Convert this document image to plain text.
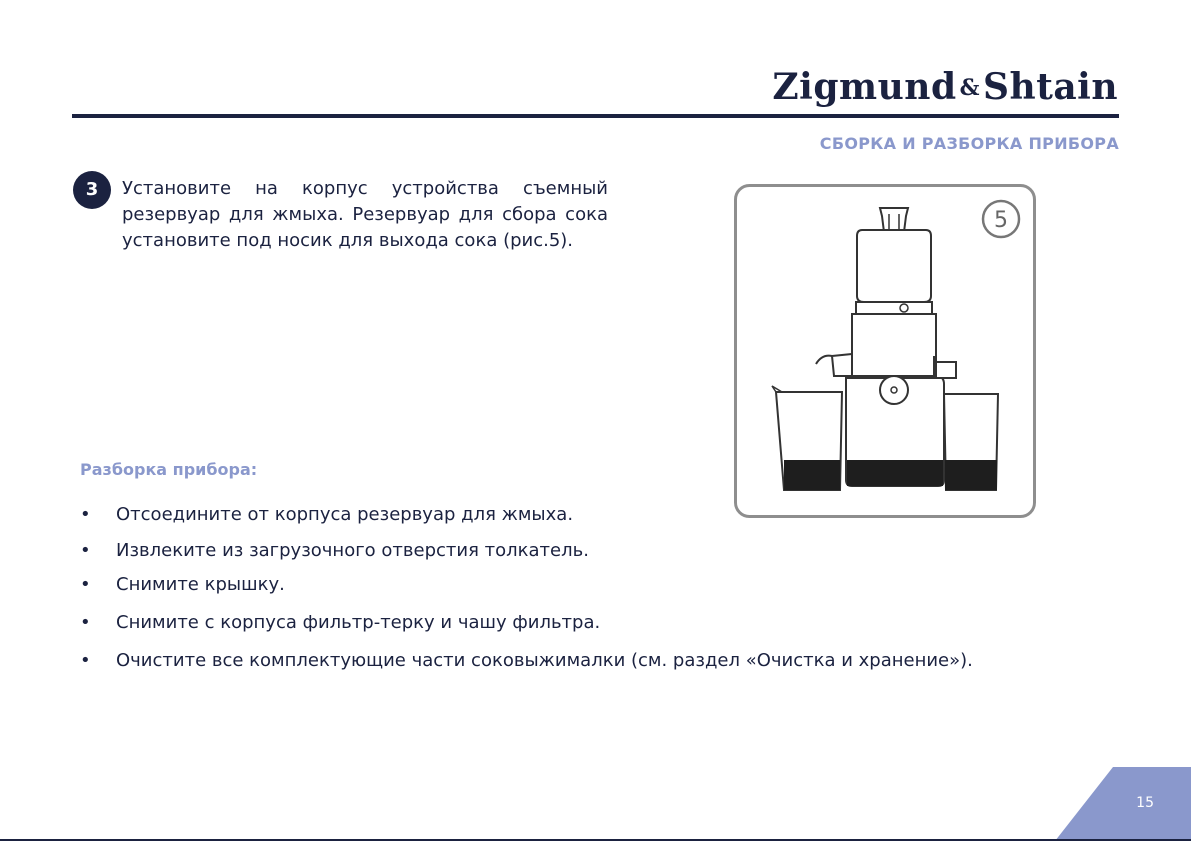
Zigmund &Shtain
СБОРКА И РАЗБОРКА ПРИБОРА
3	Установите на корпус устройства съемный резервуар для жмыха. Резервуар для сбора сока установите под носик для выхода сока (рис.5).
5
Разборка прибора:
• Отсоедините от корпуса резервуар для жмыха.
• Извлеките из загрузочного отверстия толкатель.
• Снимите крышку.
• Снимите с корпуса фильтр-терку и чашу фильтра.
• Очистите все комплектующие части соковыжималки (см. раздел «Очистка и хранение»).
15
